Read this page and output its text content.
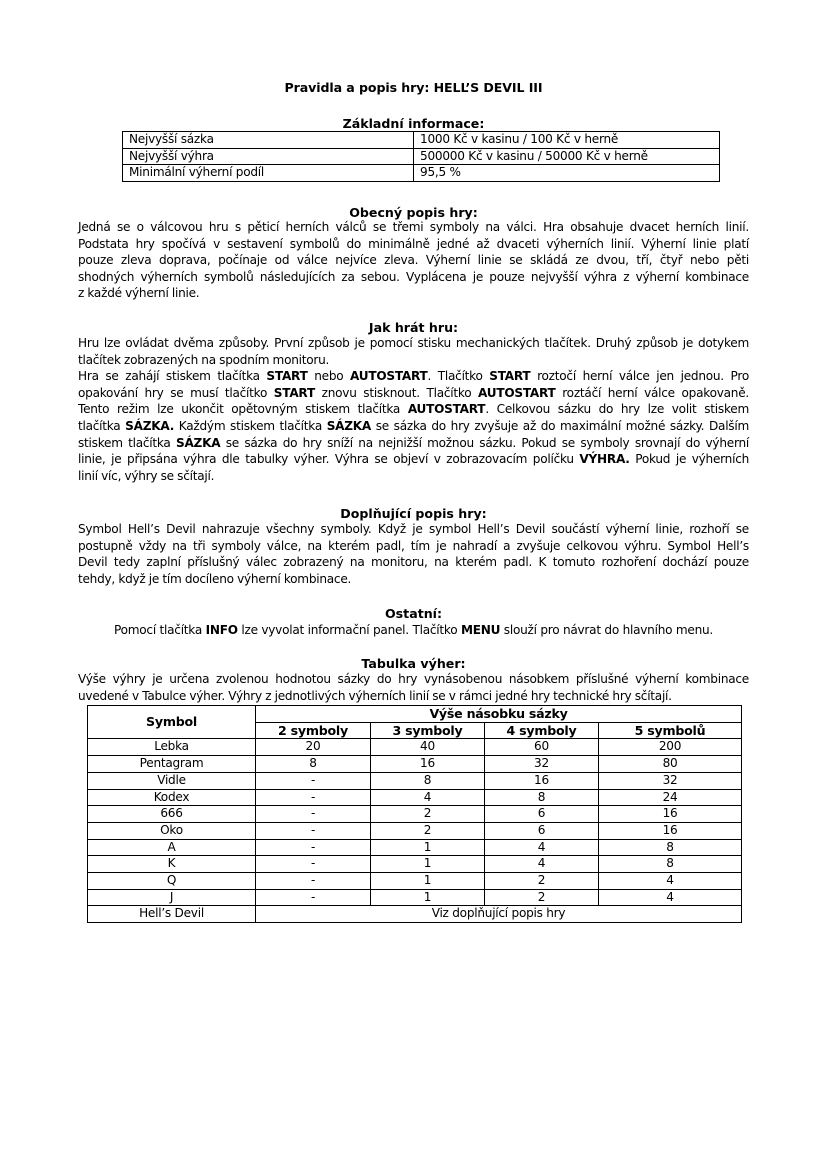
Pravidla a popis hry: HELL’S DEVIL III
Základní informace:
Nejvyšší sázka	1000 Kč v kasinu / 100 Kč v herně
Nejvyšší výhra	500000 Kč v kasinu / 50000 Kč v herně
Minimální výherní podíl	95,5 %
Obecný popis hry:
Jedná se o válcovou hru s pěticí herních válců se třemi symboly na válci. Hra obsahuje dvacet herních linií.
Podstata hry spočívá v sestavení symbolů do minimálně jedné až dvaceti výherních linií. Výherní linie platí
pouze zleva doprava, počínaje od válce nejvíce zleva. Výherní linie se skládá ze dvou, tří, čtyř nebo pěti
shodných výherních symbolů následujících za sebou. Vyplácena je pouze nejvyšší výhra z výherní kombinace
z každé výherní linie.
Jak hrát hru:
Hru lze ovládat dvěma způsoby. První způsob je pomocí stisku mechanických tlačítek. Druhý způsob je dotykem
tlačítek zobrazených na spodním monitoru.
Hra se zahájí stiskem tlačítka START nebo AUTOSTART. Tlačítko START roztočí herní válce jen jednou. Pro
opakování hry se musí tlačítko START znovu stisknout. Tlačítko AUTOSTART roztáčí herní válce opakovaně.
Tento režim lze ukončit opětovným stiskem tlačítka AUTOSTART. Celkovou sázku do hry lze volit stiskem
tlačítka SÁZKA. Každým stiskem tlačítka SÁZKA se sázka do hry zvyšuje až do maximální možné sázky. Dalším
stiskem tlačítka SÁZKA se sázka do hry sníží na nejnižší možnou sázku. Pokud se symboly srovnají do výherní
linie, je připsána výhra dle tabulky výher. Výhra se objeví v zobrazovacím políčku VÝHRA. Pokud je výherních
linií víc, výhry se sčítají.
Doplňující popis hry:
Symbol Hell’s Devil nahrazuje všechny symboly. Když je symbol Hell’s Devil součástí výherní linie, rozhoří se
postupně vždy na tři symboly válce, na kterém padl, tím je nahradí a zvyšuje celkovou výhru. Symbol Hell’s
Devil tedy zaplní příslušný válec zobrazený na monitoru, na kterém padl. K tomuto rozhoření dochází pouze
tehdy, když je tím docíleno výherní kombinace.
Ostatní:
Pomocí tlačítka INFO lze vyvolat informační panel. Tlačítko MENU slouží pro návrat do hlavního menu.
Tabulka výher:
Výše výhry je určena zvolenou hodnotou sázky do hry vynásobenou násobkem příslušné výherní kombinace
uvedené v Tabulce výher. Výhry z jednotlivých výherních linií se v rámci jedné hry technické hry sčítají.
Symbol	Výše násobku sázky			
	2 symboly	3 symboly	4 symboly	5 symbolů
Lebka	20	40	60	200
Pentagram	8	16	32	80
Vidle	-	8	16	32
Kodex	-	4	8	24
666	-	2	6	16
Oko	-	2	6	16
A	-	1	4	8
K	-	1	4	8
Q	-	1	2	4
J	-	1	2	4
Hell’s Devil	Viz doplňující popis hry			
